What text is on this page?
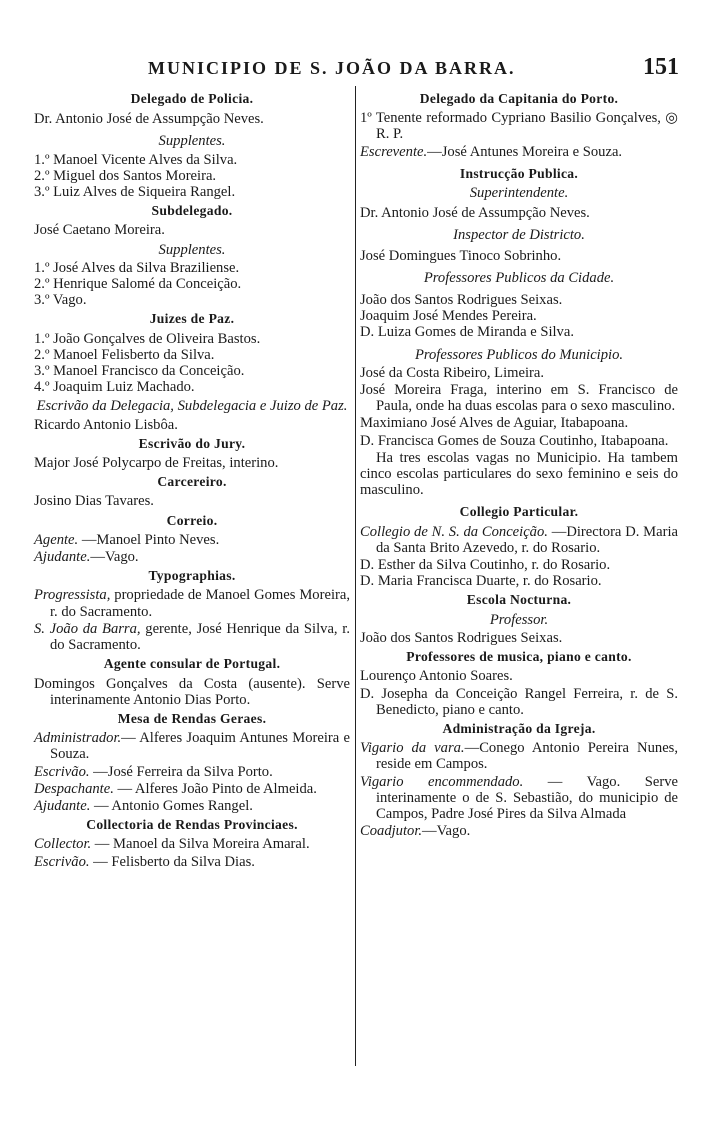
MUNICIPIO DE S. JOÃO DA BARRA.	151
Delegado de Policia.
Dr. Antonio José de Assumpção Neves.
Supplentes.
1.º Manoel Vicente Alves da Silva.
2.º Miguel dos Santos Moreira.
3.º Luiz Alves de Siqueira Rangel.
Subdelegado.
José Caetano Moreira.
Supplentes.
1.º José Alves da Silva Braziliense.
2.º Henrique Salomé da Conceição.
3.º Vago.
Juizes de Paz.
1.º João Gonçalves de Oliveira Bastos.
2.º Manoel Felisberto da Silva.
3.º Manoel Francisco da Conceição.
4.º Joaquim Luiz Machado.
Escrivão da Delegacia, Subdelegacia e Juizo de Paz.
Ricardo Antonio Lisbôa.
Escrivão do Jury.
Major José Polycarpo de Freitas, interino.
Carcereiro.
Josino Dias Tavares.
Correio.
Agente. —Manoel Pinto Neves.
Ajudante.—Vago.
Typographias.
Progressista, propriedade de Manoel Gomes Moreira, r. do Sacramento.
S. João da Barra, gerente, José Henrique da Silva, r. do Sacramento.
Agente consular de Portugal.
Domingos Gonçalves da Costa (ausente). Serve interinamente Antonio Dias Porto.
Mesa de Rendas Geraes.
Administrador.— Alferes Joaquim Antunes Moreira e Souza.
Escrivão. —José Ferreira da Silva Porto.
Despachante. — Alferes João Pinto de Almeida.
Ajudante. — Antonio Gomes Rangel.
Collectoria de Rendas Provinciaes.
Collector. — Manoel da Silva Moreira Amaral.
Escrivão. — Felisberto da Silva Dias.
Delegado da Capitania do Porto.
1º Tenente reformado Cypriano Basilio Gonçalves, ◎ R. P.
Escrevente.—José Antunes Moreira e Souza.
Instrucção Publica.
Superintendente.
Dr. Antonio José de Assumpção Neves.
Inspector de Districto.
José Domingues Tinoco Sobrinho.
Professores Publicos da Cidade.
João dos Santos Rodrigues Seixas.
Joaquim José Mendes Pereira.
D. Luiza Gomes de Miranda e Silva.
Professores Publicos do Municipio.
José da Costa Ribeiro, Limeira.
José Moreira Fraga, interino em S. Francisco de Paula, onde ha duas escolas para o sexo masculino.
Maximiano José Alves de Aguiar, Itabapoana.
D. Francisca Gomes de Souza Coutinho, Itabapoana.
Ha tres escolas vagas no Municipio. Ha tambem cinco escolas particulares do sexo feminino e seis do masculino.
Collegio Particular.
Collegio de N. S. da Conceição. —Directora D. Maria da Santa Brito Azevedo, r. do Rosario.
D. Esther da Silva Coutinho, r. do Rosario.
D. Maria Francisca Duarte, r. do Rosario.
Escola Nocturna.
Professor.
João dos Santos Rodrigues Seixas.
Professores de musica, piano e canto.
Lourenço Antonio Soares.
D. Josepha da Conceição Rangel Ferreira, r. de S. Benedicto, piano e canto.
Administração da Igreja.
Vigario da vara.—Conego Antonio Pereira Nunes, reside em Campos.
Vigario encommendado. — Vago. Serve interinamente o de S. Sebastião, do municipio de Campos, Padre José Pires da Silva Almada
Coadjutor.—Vago.
